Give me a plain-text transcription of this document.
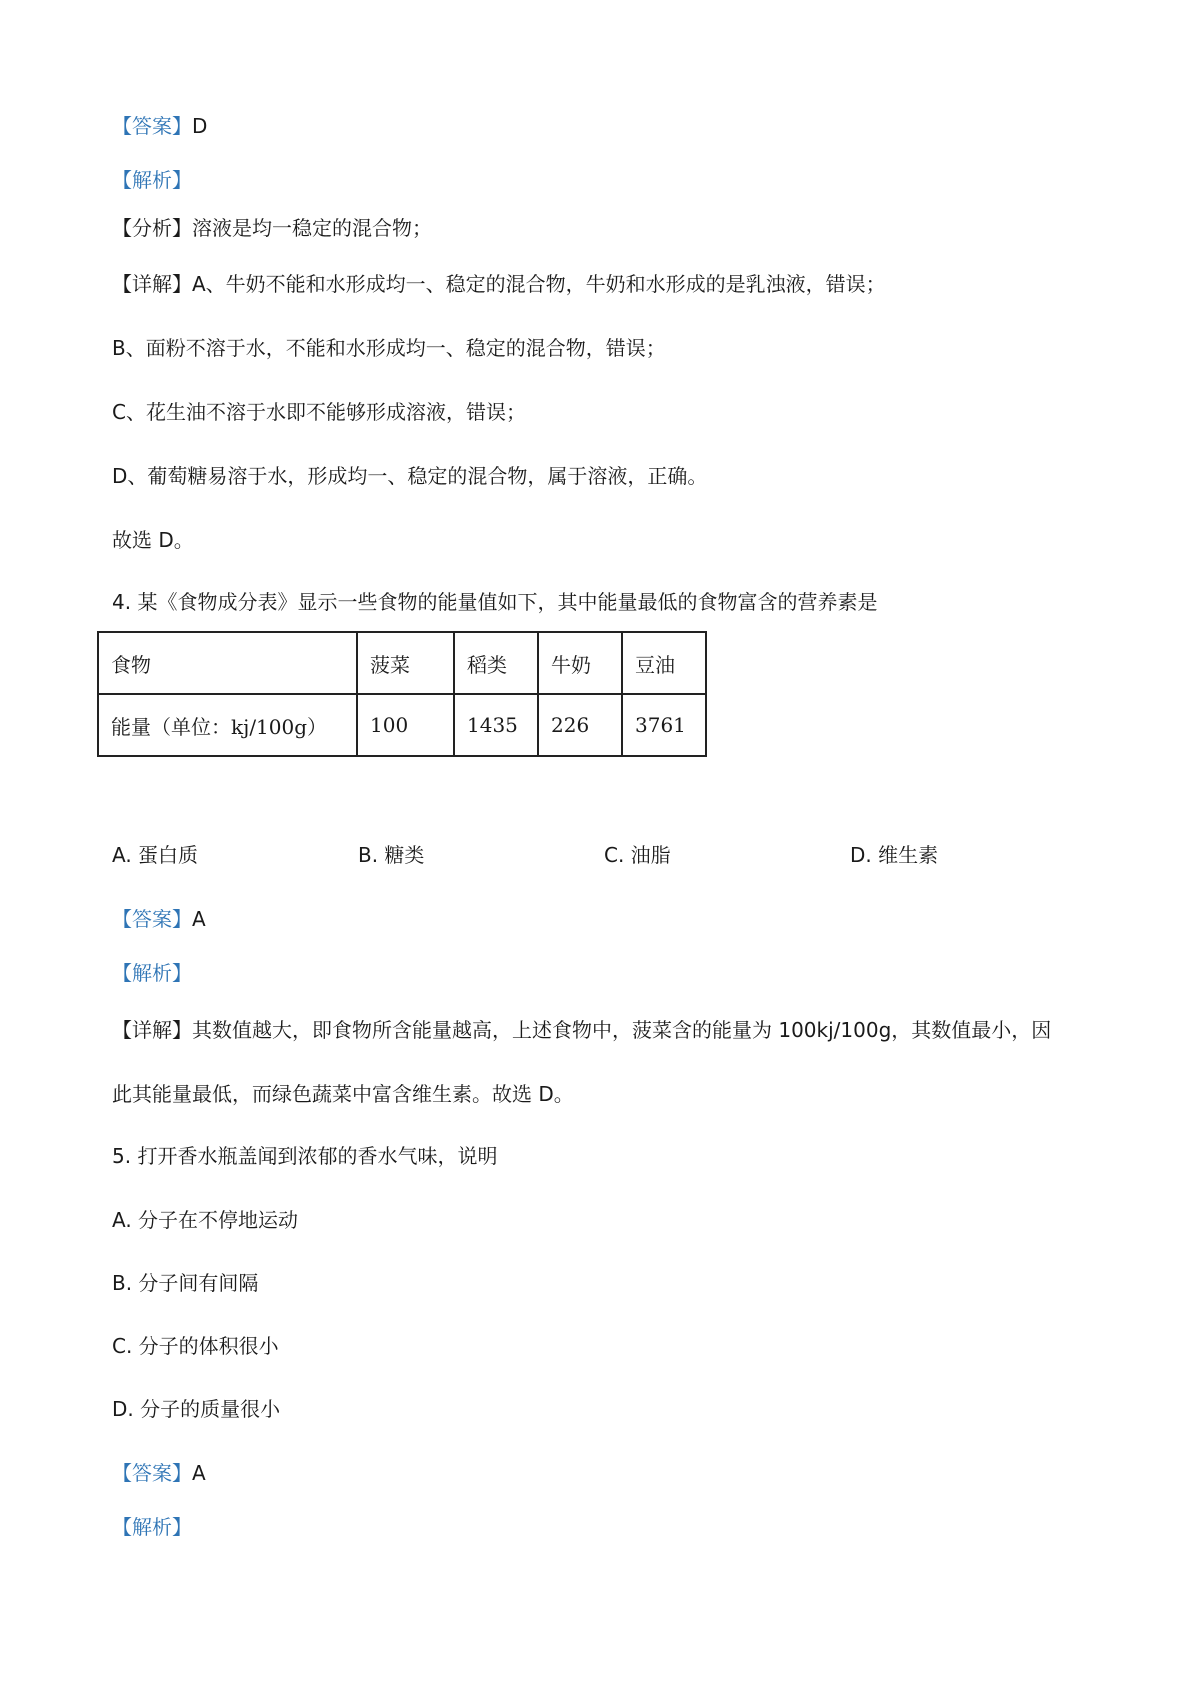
【答案】D
【解析】
【分析】溶液是均一稳定的混合物；
【详解】A、牛奶不能和水形成均一、稳定的混合物，牛奶和水形成的是乳浊液，错误；
B、面粉不溶于水，不能和水形成均一、稳定的混合物，错误；
C、花生油不溶于水即不能够形成溶液，错误；
D、葡萄糖易溶于水，形成均一、稳定的混合物，属于溶液，正确。
故选 D。
4. 某《食物成分表》显示一些食物的能量值如下，其中能量最低的食物富含的营养素是
食物	菠菜	稻类	牛奶	豆油
能量（单位：kj/100g）	100	1435	226	3761
A. 蛋白质	B. 糖类	C. 油脂	D. 维生素
【答案】A
【解析】
【详解】其数值越大，即食物所含能量越高，上述食物中，菠菜含的能量为 100kj/100g，其数值最小，因
此其能量最低，而绿色蔬菜中富含维生素。故选 D。
5. 打开香水瓶盖闻到浓郁的香水气味，说明
A. 分子在不停地运动
B. 分子间有间隔
C. 分子的体积很小
D. 分子的质量很小
【答案】A
【解析】
